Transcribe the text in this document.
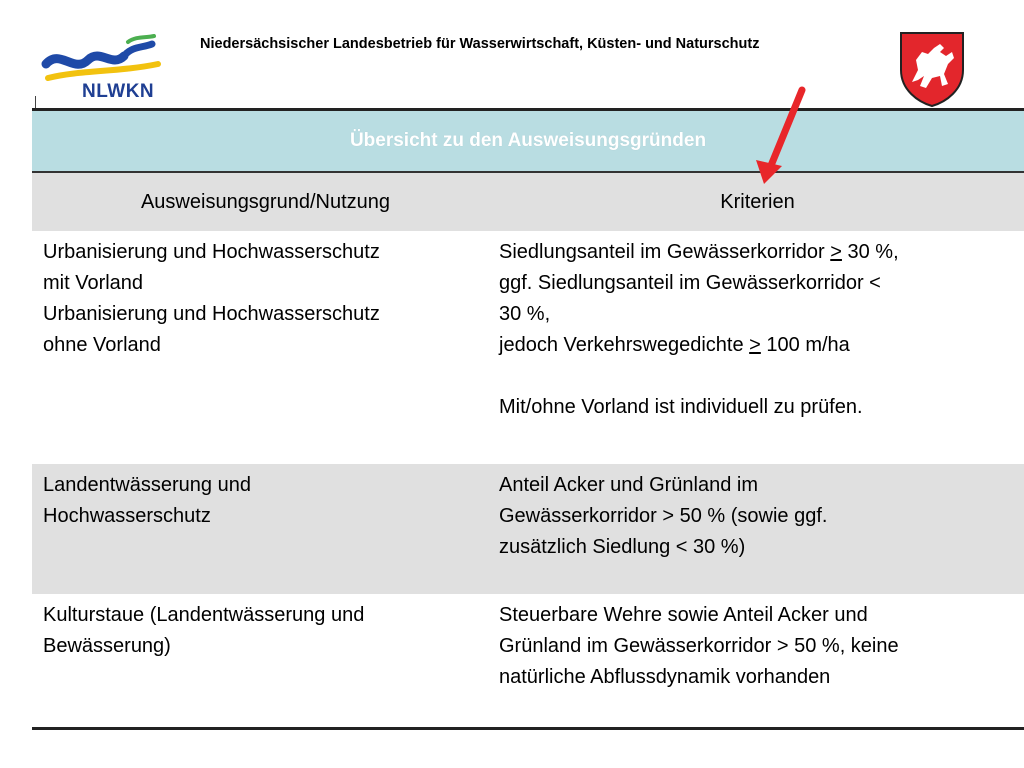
NLWKN
Niedersächsischer Landesbetrieb für Wasserwirtschaft, Küsten- und Naturschutz
Übersicht zu den Ausweisungsgründen
Ausweisungsgrund/Nutzung	Kriterien
Urbanisierung und Hochwasserschutz
mit Vorland
Urbanisierung und Hochwasserschutz
ohne Vorland
Siedlungsanteil im Gewässerkorridor ≥ 30 %,
ggf. Siedlungsanteil im Gewässerkorridor <
30 %,
jedoch Verkehrswegedichte ≥ 100 m/ha
Mit/ohne Vorland ist individuell zu prüfen.
Landentwässerung und
Hochwasserschutz
Anteil Acker und Grünland im
Gewässerkorridor > 50 % (sowie ggf.
zusätzlich Siedlung < 30 %)
Kulturstaue (Landentwässerung und
Bewässerung)
Steuerbare Wehre sowie Anteil Acker und
Grünland im Gewässerkorridor > 50 %, keine
natürliche Abflussdynamik vorhanden
